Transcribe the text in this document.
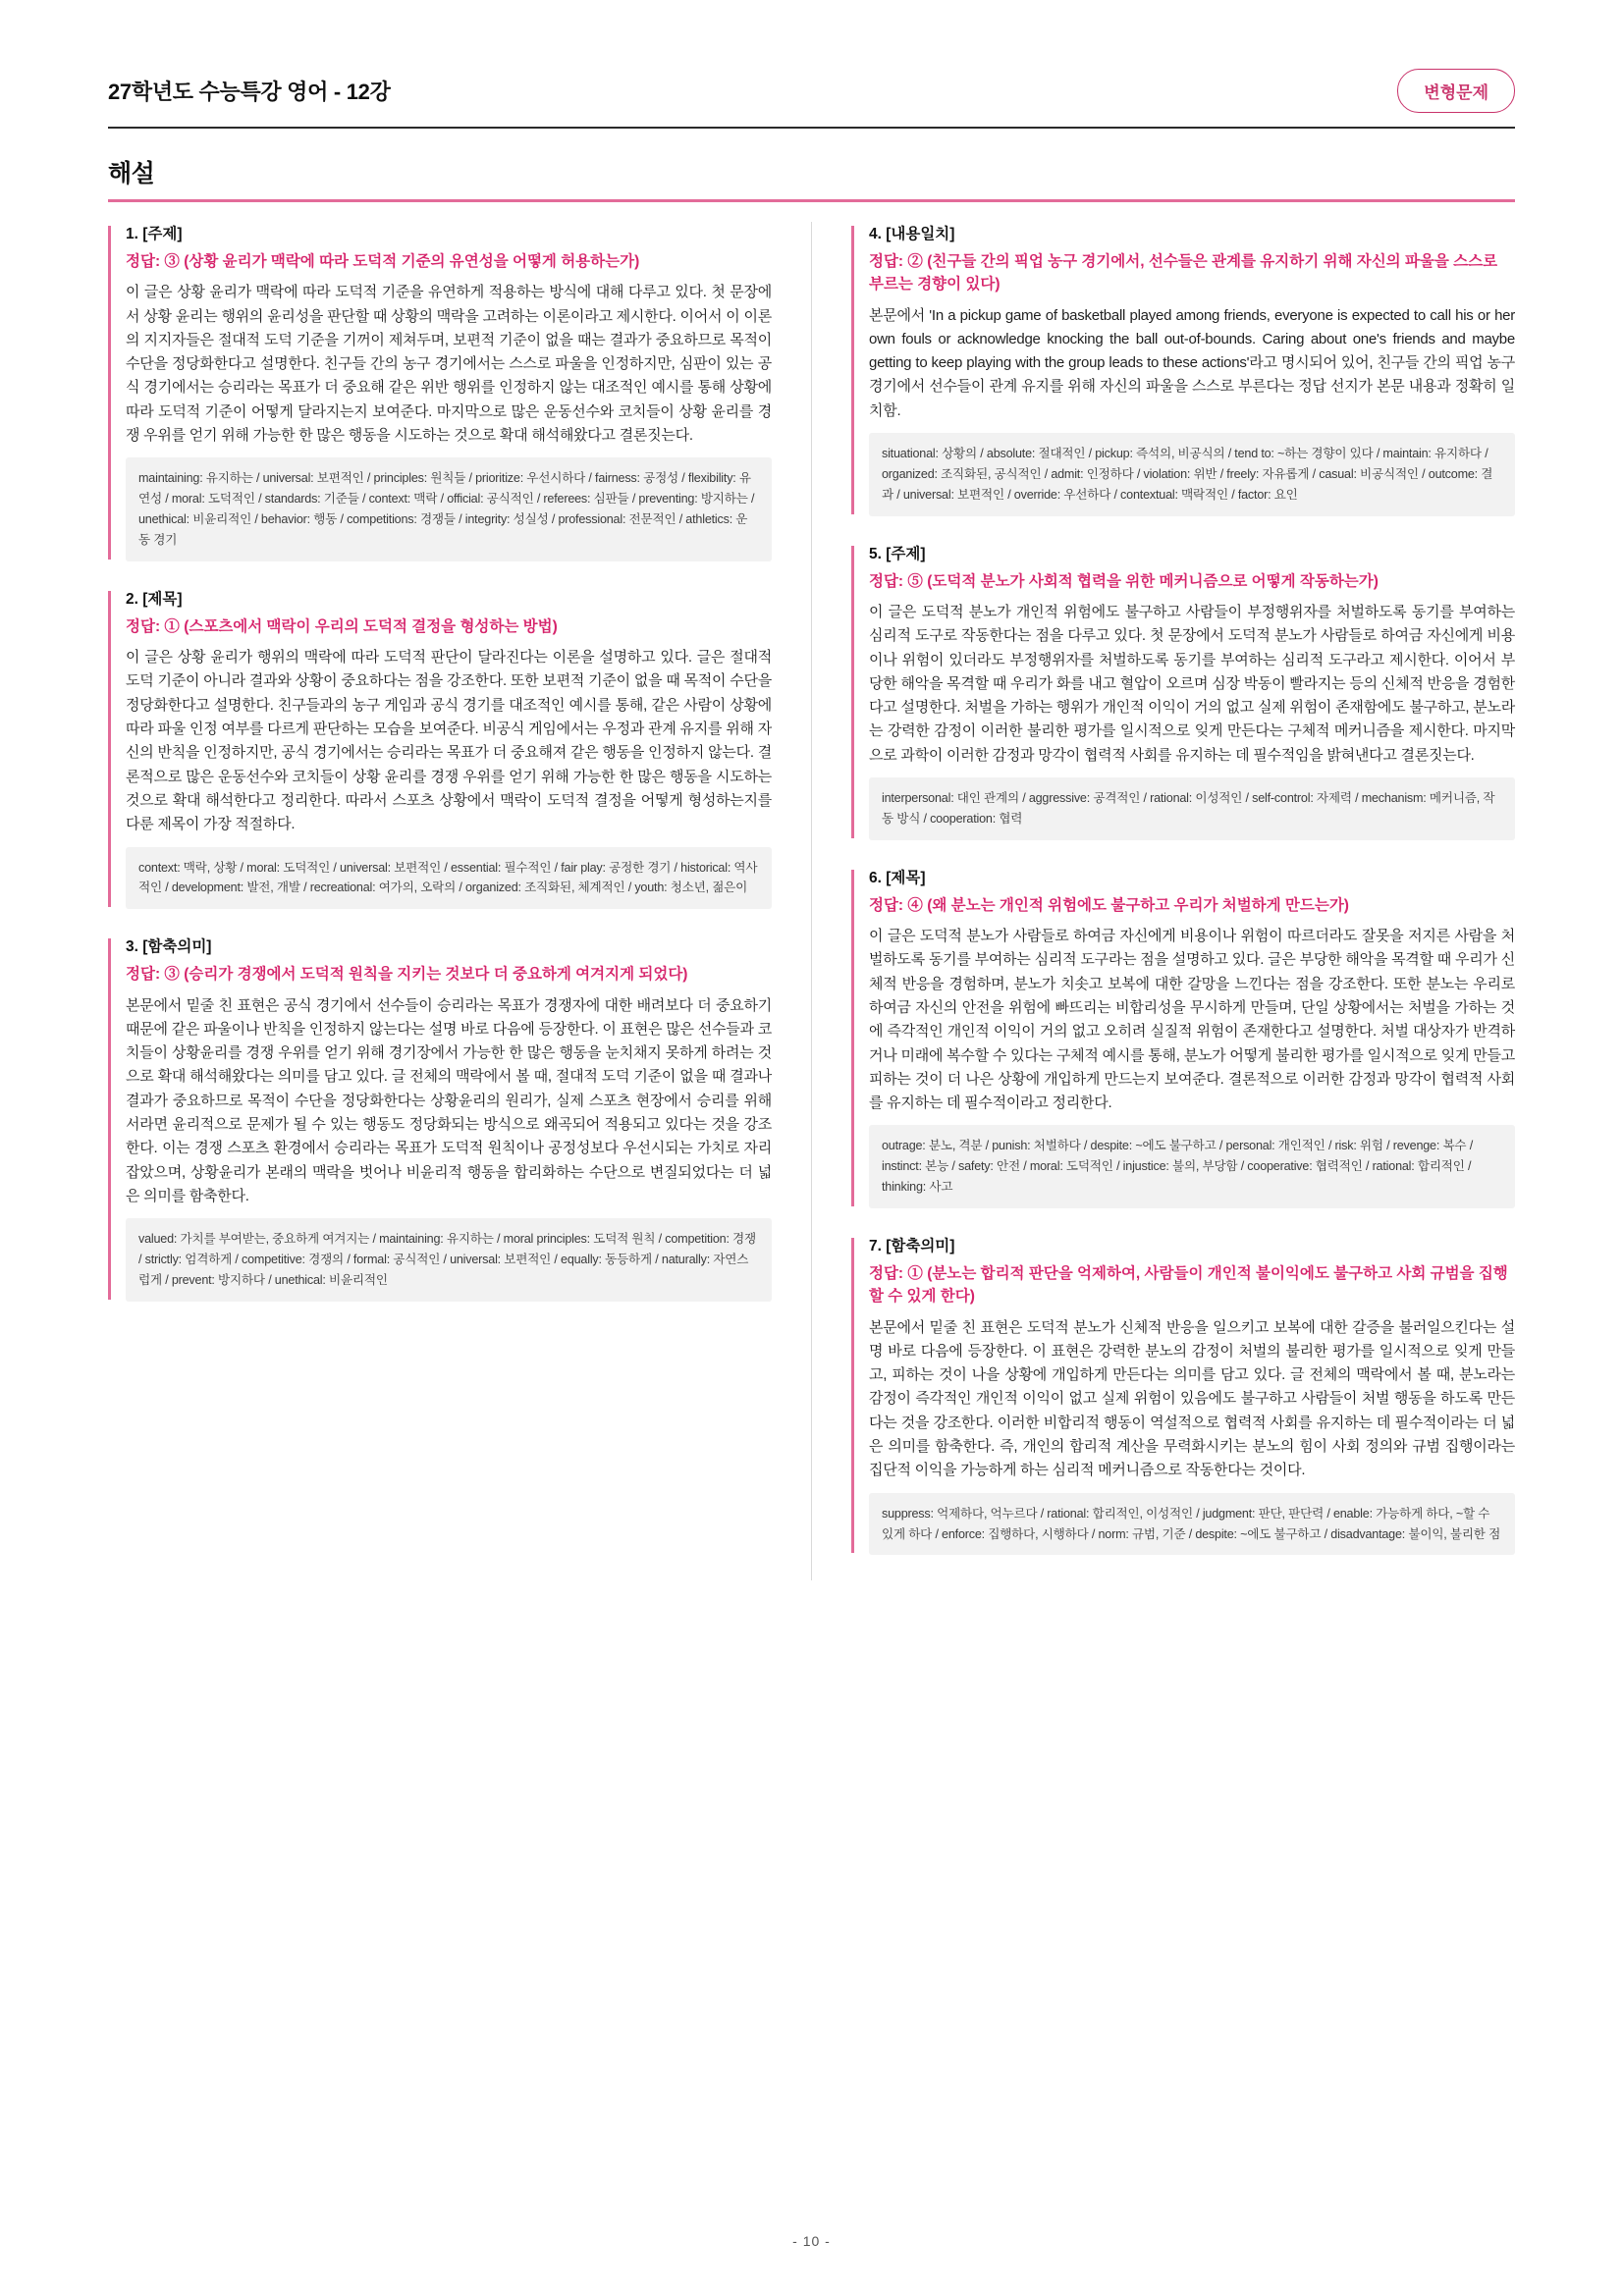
27학년도 수능특강 영어 - 12강	변형문제
해설
1. [주제]
정답: ③ (상황 윤리가 맥락에 따라 도덕적 기준의 유연성을 어떻게 허용하는가)
이 글은 상황 윤리가 맥락에 따라 도덕적 기준을 유연하게 적용하는 방식에 대해 다루고 있다. 첫 문장에서 상황 윤리는 행위의 윤리성을 판단할 때 상황의 맥락을 고려하는 이론이라고 제시한다. 이어서 이 이론의 지지자들은 절대적 도덕 기준을 기꺼이 제쳐두며, 보편적 기준이 없을 때는 결과가 중요하므로 목적이 수단을 정당화한다고 설명한다. 친구들 간의 농구 경기에서는 스스로 파울을 인정하지만, 심판이 있는 공식 경기에서는 승리라는 목표가 더 중요해 같은 위반 행위를 인정하지 않는 대조적인 예시를 통해 상황에 따라 도덕적 기준이 어떻게 달라지는지 보여준다. 마지막으로 많은 운동선수와 코치들이 상황 윤리를 경쟁 우위를 얻기 위해 가능한 한 많은 행동을 시도하는 것으로 확대 해석해왔다고 결론짓는다.
maintaining: 유지하는 / universal: 보편적인 / principles: 원칙들 / prioritize: 우선시하다 / fairness: 공정성 / flexibility: 유연성 / moral: 도덕적인 / standards: 기준들 / context: 맥락 / official: 공식적인 / referees: 심판들 / preventing: 방지하는 / unethical: 비윤리적인 / behavior: 행동 / competitions: 경쟁들 / integrity: 성실성 / professional: 전문적인 / athletics: 운동 경기
2. [제목]
정답: ① (스포츠에서 맥락이 우리의 도덕적 결정을 형성하는 방법)
이 글은 상황 윤리가 행위의 맥락에 따라 도덕적 판단이 달라진다는 이론을 설명하고 있다. 글은 절대적 도덕 기준이 아니라 결과와 상황이 중요하다는 점을 강조한다. 또한 보편적 기준이 없을 때 목적이 수단을 정당화한다고 설명한다. 친구들과의 농구 게임과 공식 경기를 대조적인 예시를 통해, 같은 사람이 상황에 따라 파울 인정 여부를 다르게 판단하는 모습을 보여준다. 비공식 게임에서는 우정과 관계 유지를 위해 자신의 반칙을 인정하지만, 공식 경기에서는 승리라는 목표가 더 중요해져 같은 행동을 인정하지 않는다. 결론적으로 많은 운동선수와 코치들이 상황 윤리를 경쟁 우위를 얻기 위해 가능한 한 많은 행동을 시도하는 것으로 확대 해석한다고 정리한다. 따라서 스포츠 상황에서 맥락이 도덕적 결정을 어떻게 형성하는지를 다룬 제목이 가장 적절하다.
context: 맥락, 상황 / moral: 도덕적인 / universal: 보편적인 / essential: 필수적인 / fair play: 공정한 경기 / historical: 역사적인 / development: 발전, 개발 / recreational: 여가의, 오락의 / organized: 조직화된, 체계적인 / youth: 청소년, 젊은이
3. [함축의미]
정답: ③ (승리가 경쟁에서 도덕적 원칙을 지키는 것보다 더 중요하게 여겨지게 되었다)
본문에서 밑줄 친 표현은 공식 경기에서 선수들이 승리라는 목표가 경쟁자에 대한 배려보다 더 중요하기 때문에 같은 파울이나 반칙을 인정하지 않는다는 설명 바로 다음에 등장한다. 이 표현은 많은 선수들과 코치들이 상황윤리를 경쟁 우위를 얻기 위해 경기장에서 가능한 한 많은 행동을 눈치채지 못하게 하려는 것으로 확대 해석해왔다는 의미를 담고 있다. 글 전체의 맥락에서 볼 때, 절대적 도덕 기준이 없을 때 결과나 결과가 중요하므로 목적이 수단을 정당화한다는 상황윤리의 원리가, 실제 스포츠 현장에서 승리를 위해서라면 윤리적으로 문제가 될 수 있는 행동도 정당화되는 방식으로 왜곡되어 적용되고 있다는 것을 강조한다. 이는 경쟁 스포츠 환경에서 승리라는 목표가 도덕적 원칙이나 공정성보다 우선시되는 가치로 자리 잡았으며, 상황윤리가 본래의 맥락을 벗어나 비윤리적 행동을 합리화하는 수단으로 변질되었다는 더 넓은 의미를 함축한다.
valued: 가치를 부여받는, 중요하게 여겨지는 / maintaining: 유지하는 / moral principles: 도덕적 원칙 / competition: 경쟁 / strictly: 엄격하게 / competitive: 경쟁의 / formal: 공식적인 / universal: 보편적인 / equally: 동등하게 / naturally: 자연스럽게 / prevent: 방지하다 / unethical: 비윤리적인
4. [내용일치]
정답: ② (친구들 간의 픽업 농구 경기에서, 선수들은 관계를 유지하기 위해 자신의 파울을 스스로 부르는 경향이 있다)
본문에서 'In a pickup game of basketball played among friends, everyone is expected to call his or her own fouls or acknowledge knocking the ball out-of-bounds. Caring about one's friends and maybe getting to keep playing with the group leads to these actions'라고 명시되어 있어, 친구들 간의 픽업 농구 경기에서 선수들이 관계 유지를 위해 자신의 파울을 스스로 부른다는 정답 선지가 본문 내용과 정확히 일치함.
situational: 상황의 / absolute: 절대적인 / pickup: 즉석의, 비공식의 / tend to: ~하는 경향이 있다 / maintain: 유지하다 / organized: 조직화된, 공식적인 / admit: 인정하다 / violation: 위반 / freely: 자유롭게 / casual: 비공식적인 / outcome: 결과 / universal: 보편적인 / override: 우선하다 / contextual: 맥락적인 / factor: 요인
5. [주제]
정답: ⑤ (도덕적 분노가 사회적 협력을 위한 메커니즘으로 어떻게 작동하는가)
이 글은 도덕적 분노가 개인적 위험에도 불구하고 사람들이 부정행위자를 처벌하도록 동기를 부여하는 심리적 도구로 작동한다는 점을 다루고 있다. 첫 문장에서 도덕적 분노가 사람들로 하여금 자신에게 비용이나 위험이 있더라도 부정행위자를 처벌하도록 동기를 부여하는 심리적 도구라고 제시한다. 이어서 부당한 해악을 목격할 때 우리가 화를 내고 혈압이 오르며 심장 박동이 빨라지는 등의 신체적 반응을 경험한다고 설명한다. 처벌을 가하는 행위가 개인적 이익이 거의 없고 실제 위험이 존재함에도 불구하고, 분노라는 강력한 감정이 이러한 불리한 평가를 일시적으로 잊게 만든다는 구체적 메커니즘을 제시한다. 마지막으로 과학이 이러한 감정과 망각이 협력적 사회를 유지하는 데 필수적임을 밝혀낸다고 결론짓는다.
interpersonal: 대인 관계의 / aggressive: 공격적인 / rational: 이성적인 / self-control: 자제력 / mechanism: 메커니즘, 작동 방식 / cooperation: 협력
6. [제목]
정답: ④ (왜 분노는 개인적 위험에도 불구하고 우리가 처벌하게 만드는가)
이 글은 도덕적 분노가 사람들로 하여금 자신에게 비용이나 위험이 따르더라도 잘못을 저지른 사람을 처벌하도록 동기를 부여하는 심리적 도구라는 점을 설명하고 있다. 글은 부당한 해악을 목격할 때 우리가 신체적 반응을 경험하며, 분노가 치솟고 보복에 대한 갈망을 느낀다는 점을 강조한다. 또한 분노는 우리로 하여금 자신의 안전을 위험에 빠뜨리는 비합리성을 무시하게 만들며, 단일 상황에서는 처벌을 가하는 것에 즉각적인 개인적 이익이 거의 없고 오히려 실질적 위험이 존재한다고 설명한다. 처벌 대상자가 반격하거나 미래에 복수할 수 있다는 구체적 예시를 통해, 분노가 어떻게 불리한 평가를 일시적으로 잊게 만들고 피하는 것이 더 나은 상황에 개입하게 만드는지 보여준다. 결론적으로 이러한 감정과 망각이 협력적 사회를 유지하는 데 필수적이라고 정리한다.
outrage: 분노, 격분 / punish: 처벌하다 / despite: ~에도 불구하고 / personal: 개인적인 / risk: 위험 / revenge: 복수 / instinct: 본능 / safety: 안전 / moral: 도덕적인 / injustice: 불의, 부당함 / cooperative: 협력적인 / rational: 합리적인 / thinking: 사고
7. [함축의미]
정답: ① (분노는 합리적 판단을 억제하여, 사람들이 개인적 불이익에도 불구하고 사회 규범을 집행할 수 있게 한다)
본문에서 밑줄 친 표현은 도덕적 분노가 신체적 반응을 일으키고 보복에 대한 갈증을 불러일으킨다는 설명 바로 다음에 등장한다. 이 표현은 강력한 분노의 감정이 처벌의 불리한 평가를 일시적으로 잊게 만들고, 피하는 것이 나을 상황에 개입하게 만든다는 의미를 담고 있다. 글 전체의 맥락에서 볼 때, 분노라는 감정이 즉각적인 개인적 이익이 없고 실제 위험이 있음에도 불구하고 사람들이 처벌 행동을 하도록 만든다는 것을 강조한다. 이러한 비합리적 행동이 역설적으로 협력적 사회를 유지하는 데 필수적이라는 더 넓은 의미를 함축한다. 즉, 개인의 합리적 계산을 무력화시키는 분노의 힘이 사회 정의와 규범 집행이라는 집단적 이익을 가능하게 하는 심리적 메커니즘으로 작동한다는 것이다.
suppress: 억제하다, 억누르다 / rational: 합리적인, 이성적인 / judgment: 판단, 판단력 / enable: 가능하게 하다, ~할 수 있게 하다 / enforce: 집행하다, 시행하다 / norm: 규범, 기준 / despite: ~에도 불구하고 / disadvantage: 불이익, 불리한 점
- 10 -
